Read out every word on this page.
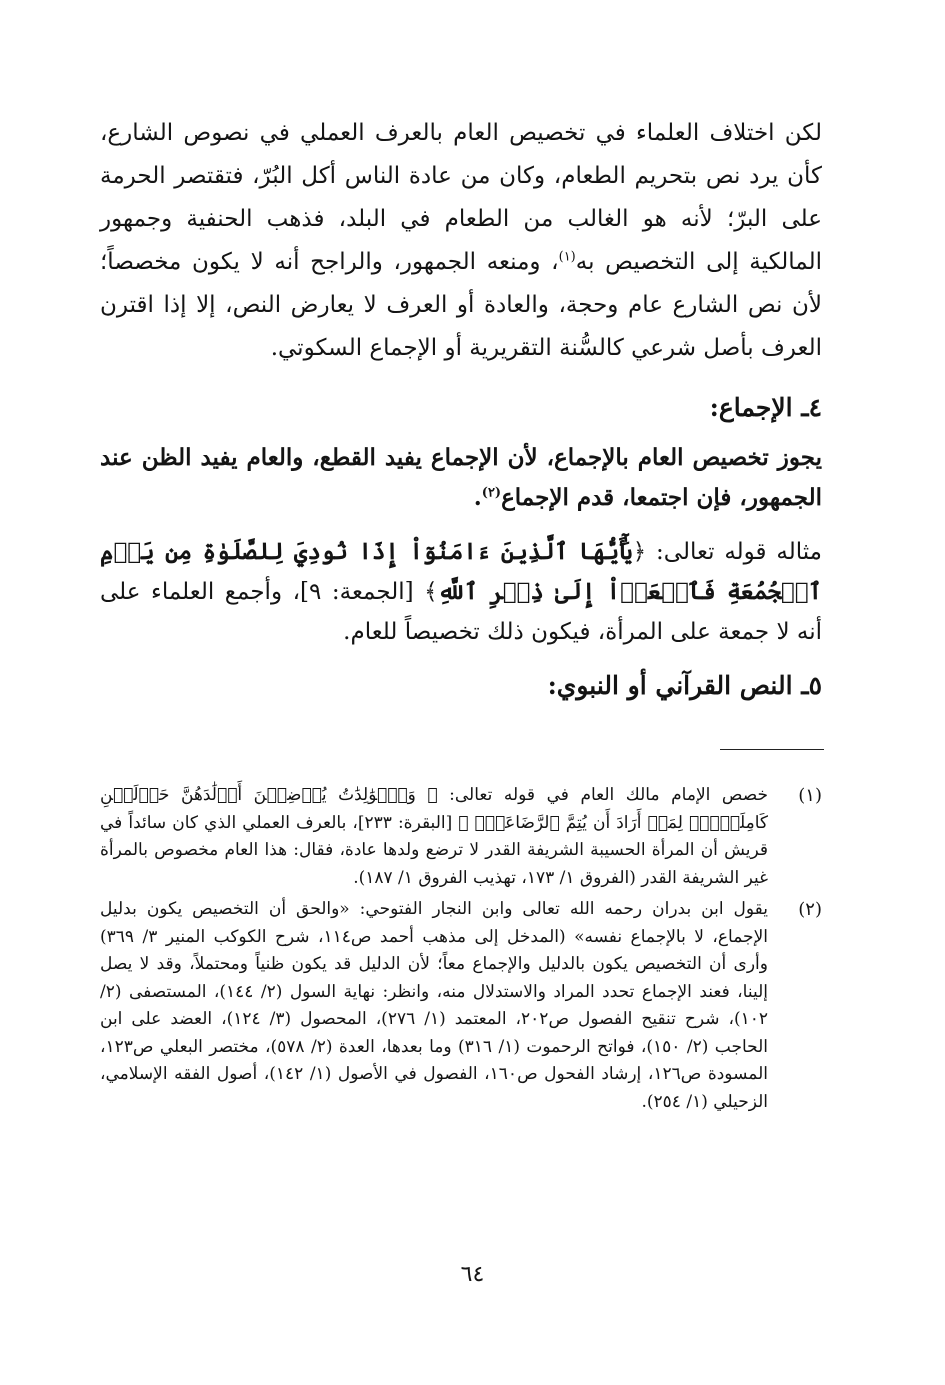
لكن اختلاف العلماء في تخصيص العام بالعرف العملي في نصوص الشارع، كأن يرد نص بتحريم الطعام، وكان من عادة الناس أكل البُرّ، فتقتصر الحرمة على البرّ؛ لأنه هو الغالب من الطعام في البلد، فذهب الحنفية وجمهور المالكية إلى التخصيص به$^{(١)}$، ومنعه الجمهور، والراجح أنه لا يكون مخصصاً؛ لأن نص الشارع عام وحجة، والعادة أو العرف لا يعارض النص، إلا إذا اقترن العرف بأصل شرعي كالسُّنة التقريرية أو الإجماع السكوتي.

٤ـ الإجماع:

يجوز تخصيص العام بالإجماع، لأن الإجماع يفيد القطع، والعام يفيد الظن عند الجمهور، فإن اجتمعا، قدم الإجماع$^{(٢)}$.

مثاله قوله تعالى: ﴿يَٰٓأَيُّهَا ٱلَّذِينَ ءَامَنُوٓاْ إِذَا نُودِيَ لِلصَّلَوٰةِ مِن يَوۡمِ ٱلۡجُمُعَةِ فَٱسۡعَوۡاْ إِلَىٰ ذِكۡرِ ٱللَّهِ﴾ [الجمعة: ٩]، وأجمع العلماء على أنه لا جمعة على المرأة، فيكون ذلك تخصيصاً للعام.

٥ـ النص القرآني أو النبوي:
(١)
خصص الإمام مالك العام في قوله تعالى: ﴿ وَٱلۡوَٰلِدَٰتُ يُرۡضِعۡنَ أَوۡلَٰدَهُنَّ حَوۡلَيۡنِ كَامِلَيۡنِۖ لِمَنۡ أَرَادَ أَن يُتِمَّ ٱلرَّضَاعَةَۚ ﴾ [البقرة: ٢٣٣]، بالعرف العملي الذي كان سائداً في قريش أن المرأة الحسيبة الشريفة القدر لا ترضع ولدها عادة، فقال: هذا العام مخصوص بالمرأة غير الشريفة القدر (الفروق ١/ ١٧٣، تهذيب الفروق ١/ ١٨٧).
(٢)
يقول ابن بدران رحمه الله تعالى وابن النجار الفتوحي: «والحق أن التخصيص يكون بدليل الإجماع، لا بالإجماع نفسه» (المدخل إلى مذهب أحمد ص١١٤، شرح الكوكب المنير ٣/ ٣٦٩) وأرى أن التخصيص يكون بالدليل والإجماع معاً؛ لأن الدليل قد يكون ظنياً ومحتملاً، وقد لا يصل إلينا، فعند الإجماع تحدد المراد والاستدلال منه، وانظر: نهاية السول (٢/ ١٤٤)، المستصفى (٢/ ١٠٢)، شرح تنقيح الفصول ص٢٠٢، المعتمد (١/ ٢٧٦)، المحصول (٣/ ١٢٤)، العضد على ابن الحاجب (٢/ ١٥٠)، فواتح الرحموت (١/ ٣١٦) وما بعدها، العدة (٢/ ٥٧٨)، مختصر البعلي ص١٢٣، المسودة ص١٢٦، إرشاد الفحول ص١٦٠، الفصول في الأصول (١/ ١٤٢)، أصول الفقه الإسلامي، الزحيلي (١/ ٢٥٤).
٦٤
